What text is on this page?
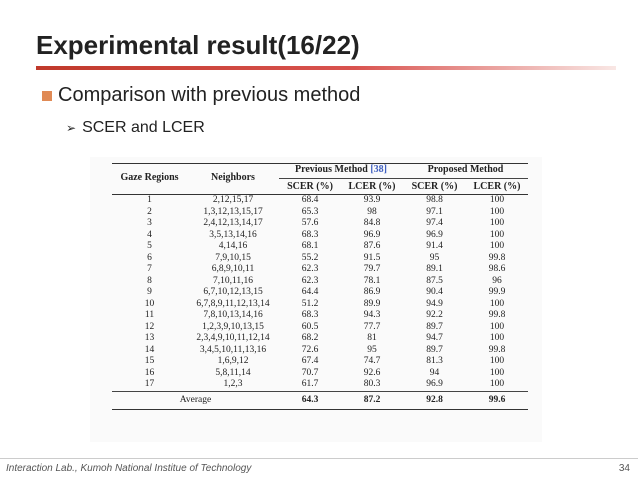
Experimental result(16/22)
Comparison with previous method
➢ SCER and LCER
Gaze Regions	Neighbors	Previous Method [38]		Proposed Method	
		SCER (%)	LCER (%)	SCER (%)	LCER (%)
1	2,12,15,17	68.4	93.9	98.8	100
2	1,3,12,13,15,17	65.3	98	97.1	100
3	2,4,12,13,14,17	57.6	84.8	97.4	100
4	3,5,13,14,16	68.3	96.9	96.9	100
5	4,14,16	68.1	87.6	91.4	100
6	7,9,10,15	55.2	91.5	95	99.8
7	6,8,9,10,11	62.3	79.7	89.1	98.6
8	7,10,11,16	62.3	78.1	87.5	96
9	6,7,10,12,13,15	64.4	86.9	90.4	99.9
10	6,7,8,9,11,12,13,14	51.2	89.9	94.9	100
11	7,8,10,13,14,16	68.3	94.3	92.2	99.8
12	1,2,3,9,10,13,15	60.5	77.7	89.7	100
13	2,3,4,9,10,11,12,14	68.2	81	94.7	100
14	3,4,5,10,11,13,16	72.6	95	89.7	99.8
15	1,6,9,12	67.4	74.7	81.3	100
16	5,8,11,14	70.7	92.6	94	100
17	1,2,3	61.7	80.3	96.9	100
Average		64.3	87.2	92.8	99.6
Interaction Lab., Kumoh National Institue of Technology	34
